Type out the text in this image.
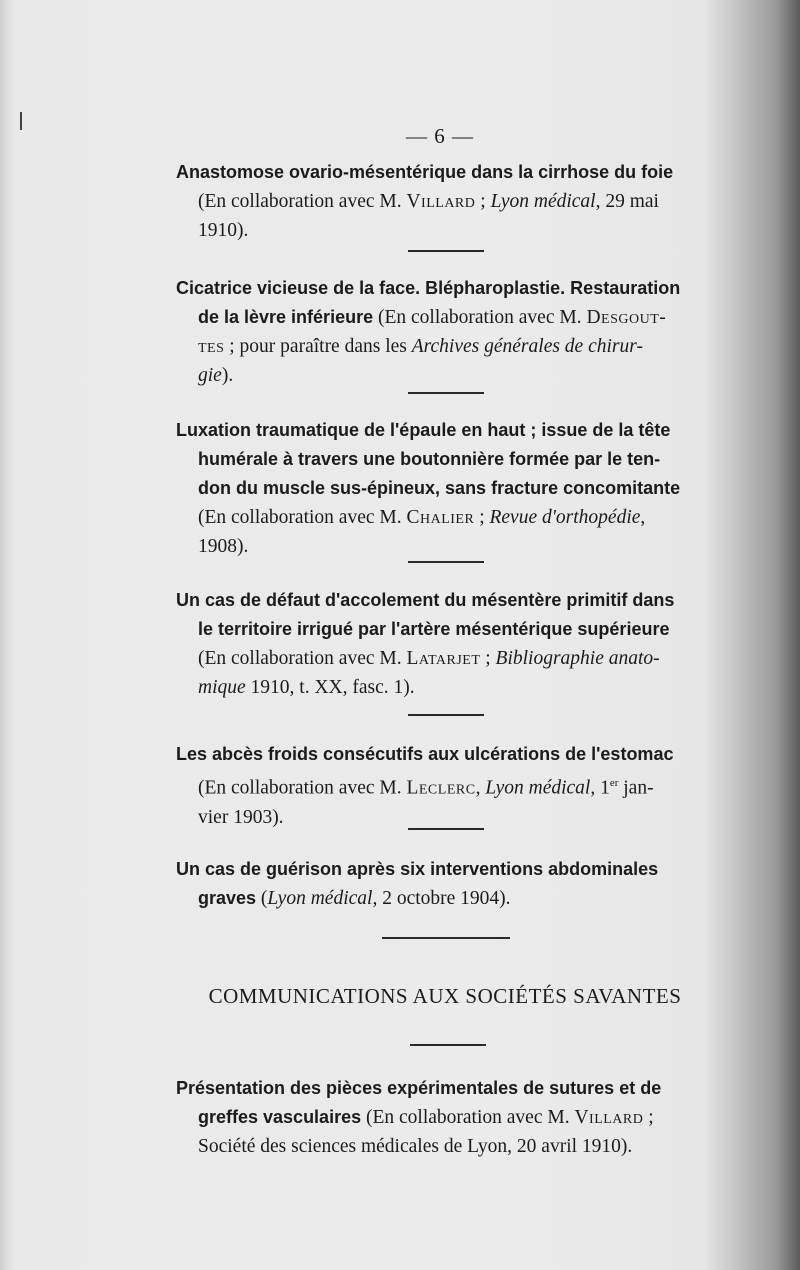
— 6 —
Anastomose ovario-mésentérique dans la cirrhose du foie
(En collaboration avec M. Villard ; Lyon médical, 29 mai
1910).
Cicatrice vicieuse de la face. Blépharoplastie. Restauration
de la lèvre inférieure (En collaboration avec M. Desgout-
tes ; pour paraître dans les Archives générales de chirur-
gie).
Luxation traumatique de l'épaule en haut ; issue de la tête
humérale à travers une boutonnière formée par le ten-
don du muscle sus-épineux, sans fracture concomitante
(En collaboration avec M. Chalier ; Revue d'orthopédie,
1908).
Un cas de défaut d'accolement du mésentère primitif dans
le territoire irrigué par l'artère mésentérique supérieure
(En collaboration avec M. Latarjet ; Bibliographie anato-
mique 1910, t. XX, fasc. 1).
Les abcès froids consécutifs aux ulcérations de l'estomac
(En collaboration avec M. Leclerc, Lyon médical, 1er jan-
vier 1903).
Un cas de guérison après six interventions abdominales
graves (Lyon médical, 2 octobre 1904).
COMMUNICATIONS AUX SOCIÉTÉS SAVANTES
Présentation des pièces expérimentales de sutures et de
greffes vasculaires (En collaboration avec M. Villard ;
Société des sciences médicales de Lyon, 20 avril 1910).
